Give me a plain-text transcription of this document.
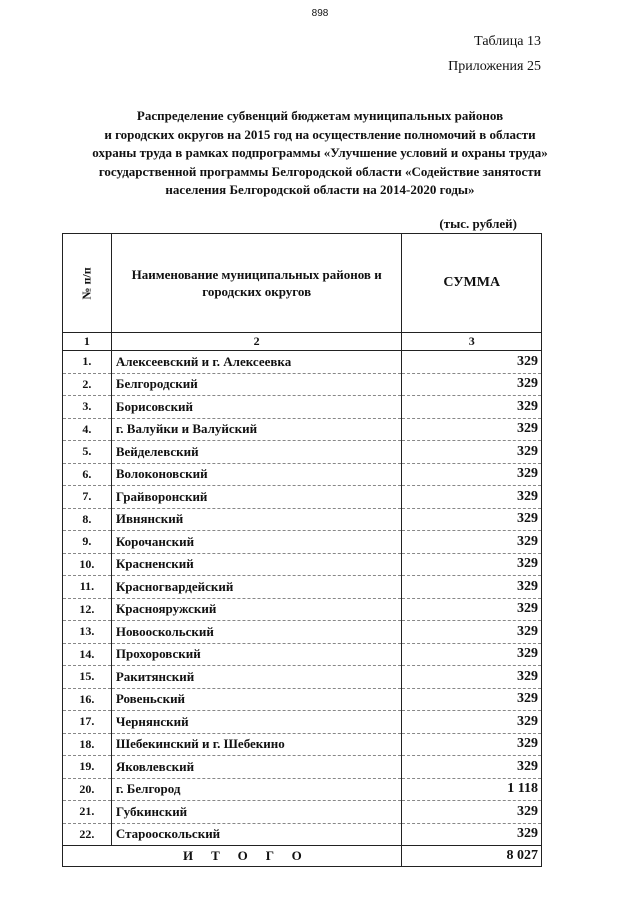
898
Таблица 13
Приложения 25
Распределение субвенций бюджетам муниципальных районов
и городских округов на 2015 год на осуществление полномочий в области
охраны труда в рамках подпрограммы «Улучшение условий и охраны труда»
государственной программы Белгородской области «Содействие занятости
населения Белгородской области на 2014-2020 годы»
(тыс. рублей)
№ п/п	Наименование муниципальных районов и
городских округов	СУММА
1	2	3
1.	Алексеевский и г. Алексеевка	329
2.	Белгородский	329
3.	Борисовский	329
4.	г. Валуйки и Валуйский	329
5.	Вейделевский	329
6.	Волоконовский	329
7.	Грайворонский	329
8.	Ивнянский	329
9.	Корочанский	329
10.	Красненский	329
11.	Красногвардейский	329
12.	Краснояружский	329
13.	Новооскольский	329
14.	Прохоровский	329
15.	Ракитянский	329
16.	Ровеньский	329
17.	Чернянский	329
18.	Шебекинский и г. Шебекино	329
19.	Яковлевский	329
20.	г. Белгород	1 118
21.	Губкинский	329
22.	Старооскольский	329
ИТОГО		8 027
